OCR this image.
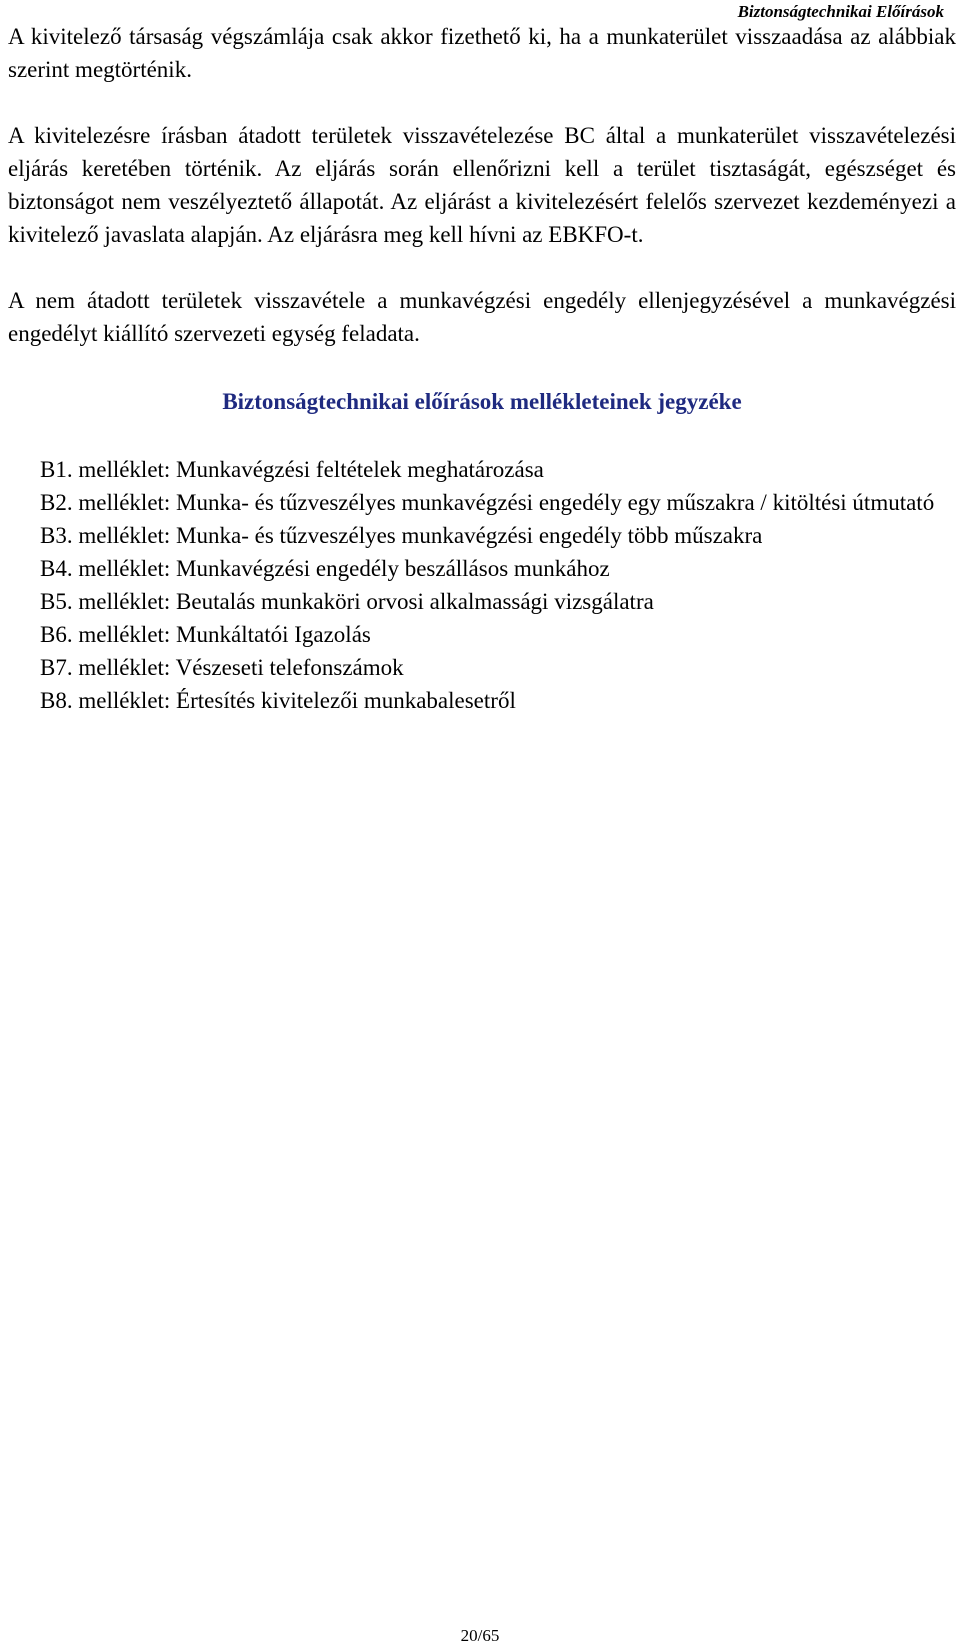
Biztonságtechnikai Előírások

A kivitelező társaság végszámlája csak akkor fizethető ki, ha a munkaterület visszaadása az alábbiak szerint megtörténik.

A kivitelezésre írásban átadott területek visszavételezése BC által a munkaterület visszavételezési eljárás keretében történik. Az eljárás során ellenőrizni kell a terület tisztaságát, egészséget és biztonságot nem veszélyeztető állapotát. Az eljárást a kivitelezésért felelős szervezet kezdeményezi a kivitelező javaslata alapján. Az eljárásra meg kell hívni az EBKFO-t.

A nem átadott területek visszavétele a munkavégzési engedély ellenjegyzésével a munkavégzési engedélyt kiállító szervezeti egység feladata.

Biztonságtechnikai előírások mellékleteinek jegyzéke
B1. melléklet: Munkavégzési feltételek meghatározása
B2. melléklet: Munka- és tűzveszélyes munkavégzési engedély egy műszakra / kitöltési útmutató
B3. melléklet: Munka- és tűzveszélyes munkavégzési engedély több műszakra
B4. melléklet: Munkavégzési engedély beszállásos munkához
B5. melléklet: Beutalás munkaköri orvosi alkalmassági vizsgálatra
B6. melléklet: Munkáltatói Igazolás
B7. melléklet: Vészeseti telefonszámok
B8. melléklet: Értesítés kivitelezői munkabalesetről
20/65
